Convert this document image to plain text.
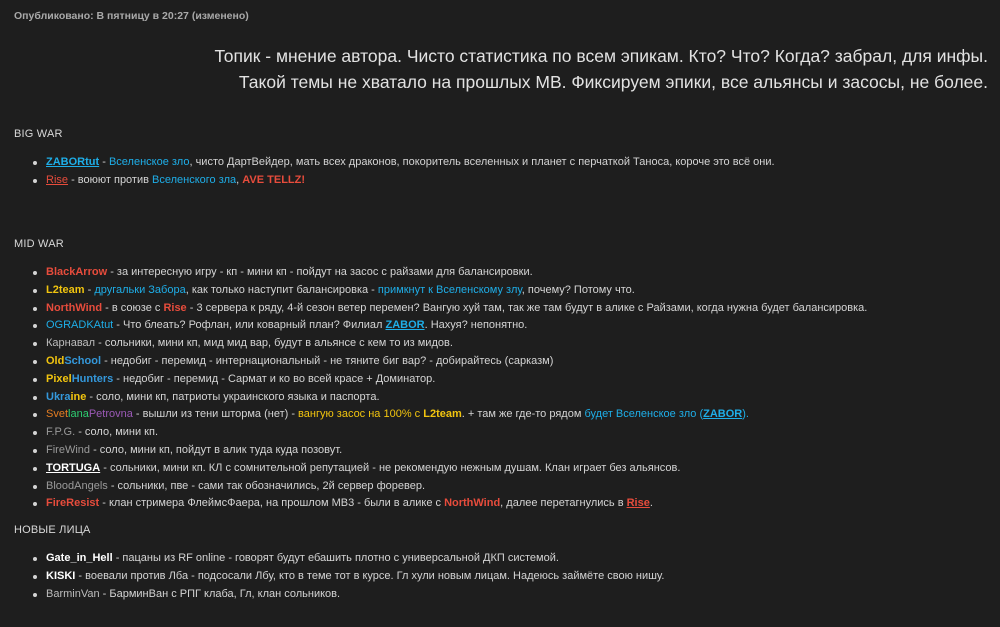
Опубликовано: В пятницу в 20:27 (изменено)
Топик - мнение автора. Чисто статистика по всем эпикам. Кто? Что? Когда? забрал, для инфы.
Такой темы не хватало на прошлых МВ. Фиксируем эпики, все альянсы и засосы, не более.
BIG WAR
ZABORtut - Вселенское зло, чисто ДартВейдер, мать всех драконов, покоритель вселенных и планет с перчаткой Таноса, короче это всё они.
Rise - воюют против Вселенского зла, AVE TELLZ!
MID WAR
BlackArrow - за интересную игру - кп - мини кп - пойдут на засос с райзами для балансировки.
L2team - другальки Забора, как только наступит балансировка - примкнут к Вселенскому злу, почему? Потому что.
NorthWind - в союзе с Rise - 3 сервера к ряду, 4-й сезон ветер перемен? Вангую хуй там, так же там будут в алике с Райзами, когда нужна будет балансировка.
OGRADKAtut - Что блеать? Рофлан, или коварный план? Филиал ZABOR. Нахуя? непонятно.
Карнавал - сольники, мини кп, мид мид вар, будут в альянсе с кем то из мидов.
OldSchool - недобиг - перемид - интернациональный - не тяните биг вар? - добирайтесь (сарказм)
PixelHunters - недобиг - перемид - Сармат и ко во всей красе + Доминатор.
Ukraine - соло, мини кп, патриоты украинского языка и паспорта.
SvetlanaPetrovna - вышли из тени шторма (нет) - вангую засос на 100% с L2team. + там же где-то рядом будет Вселенское зло (ZABOR).
F.P.G. - соло, мини кп.
FireWind - соло, мини кп, пойдут в алик туда куда позовут.
TORTUGA - сольники, мини кп. КЛ с сомнительной репутацией - не рекомендую нежным душам. Клан играет без альянсов.
BloodAngels - сольники, пве - сами так обозначились, 2й сервер форевер.
FireResist - клан стримера ФлеймсФаера, на прошлом МВ3 - были в алике с NorthWind, далее перетагнулись в Rise.
НОВЫЕ ЛИЦА
Gate_in_Hell - пацаны из RF online - говорят будут ебашить плотно с универсальной ДКП системой.
KISKI - воевали против Лба - подсосали Лбу, кто в теме тот в курсе. Гл хули новым лицам. Надеюсь займёте свою нишу.
BarminVan - БарминВан с РПГ клаба, Гл, клан сольников.
